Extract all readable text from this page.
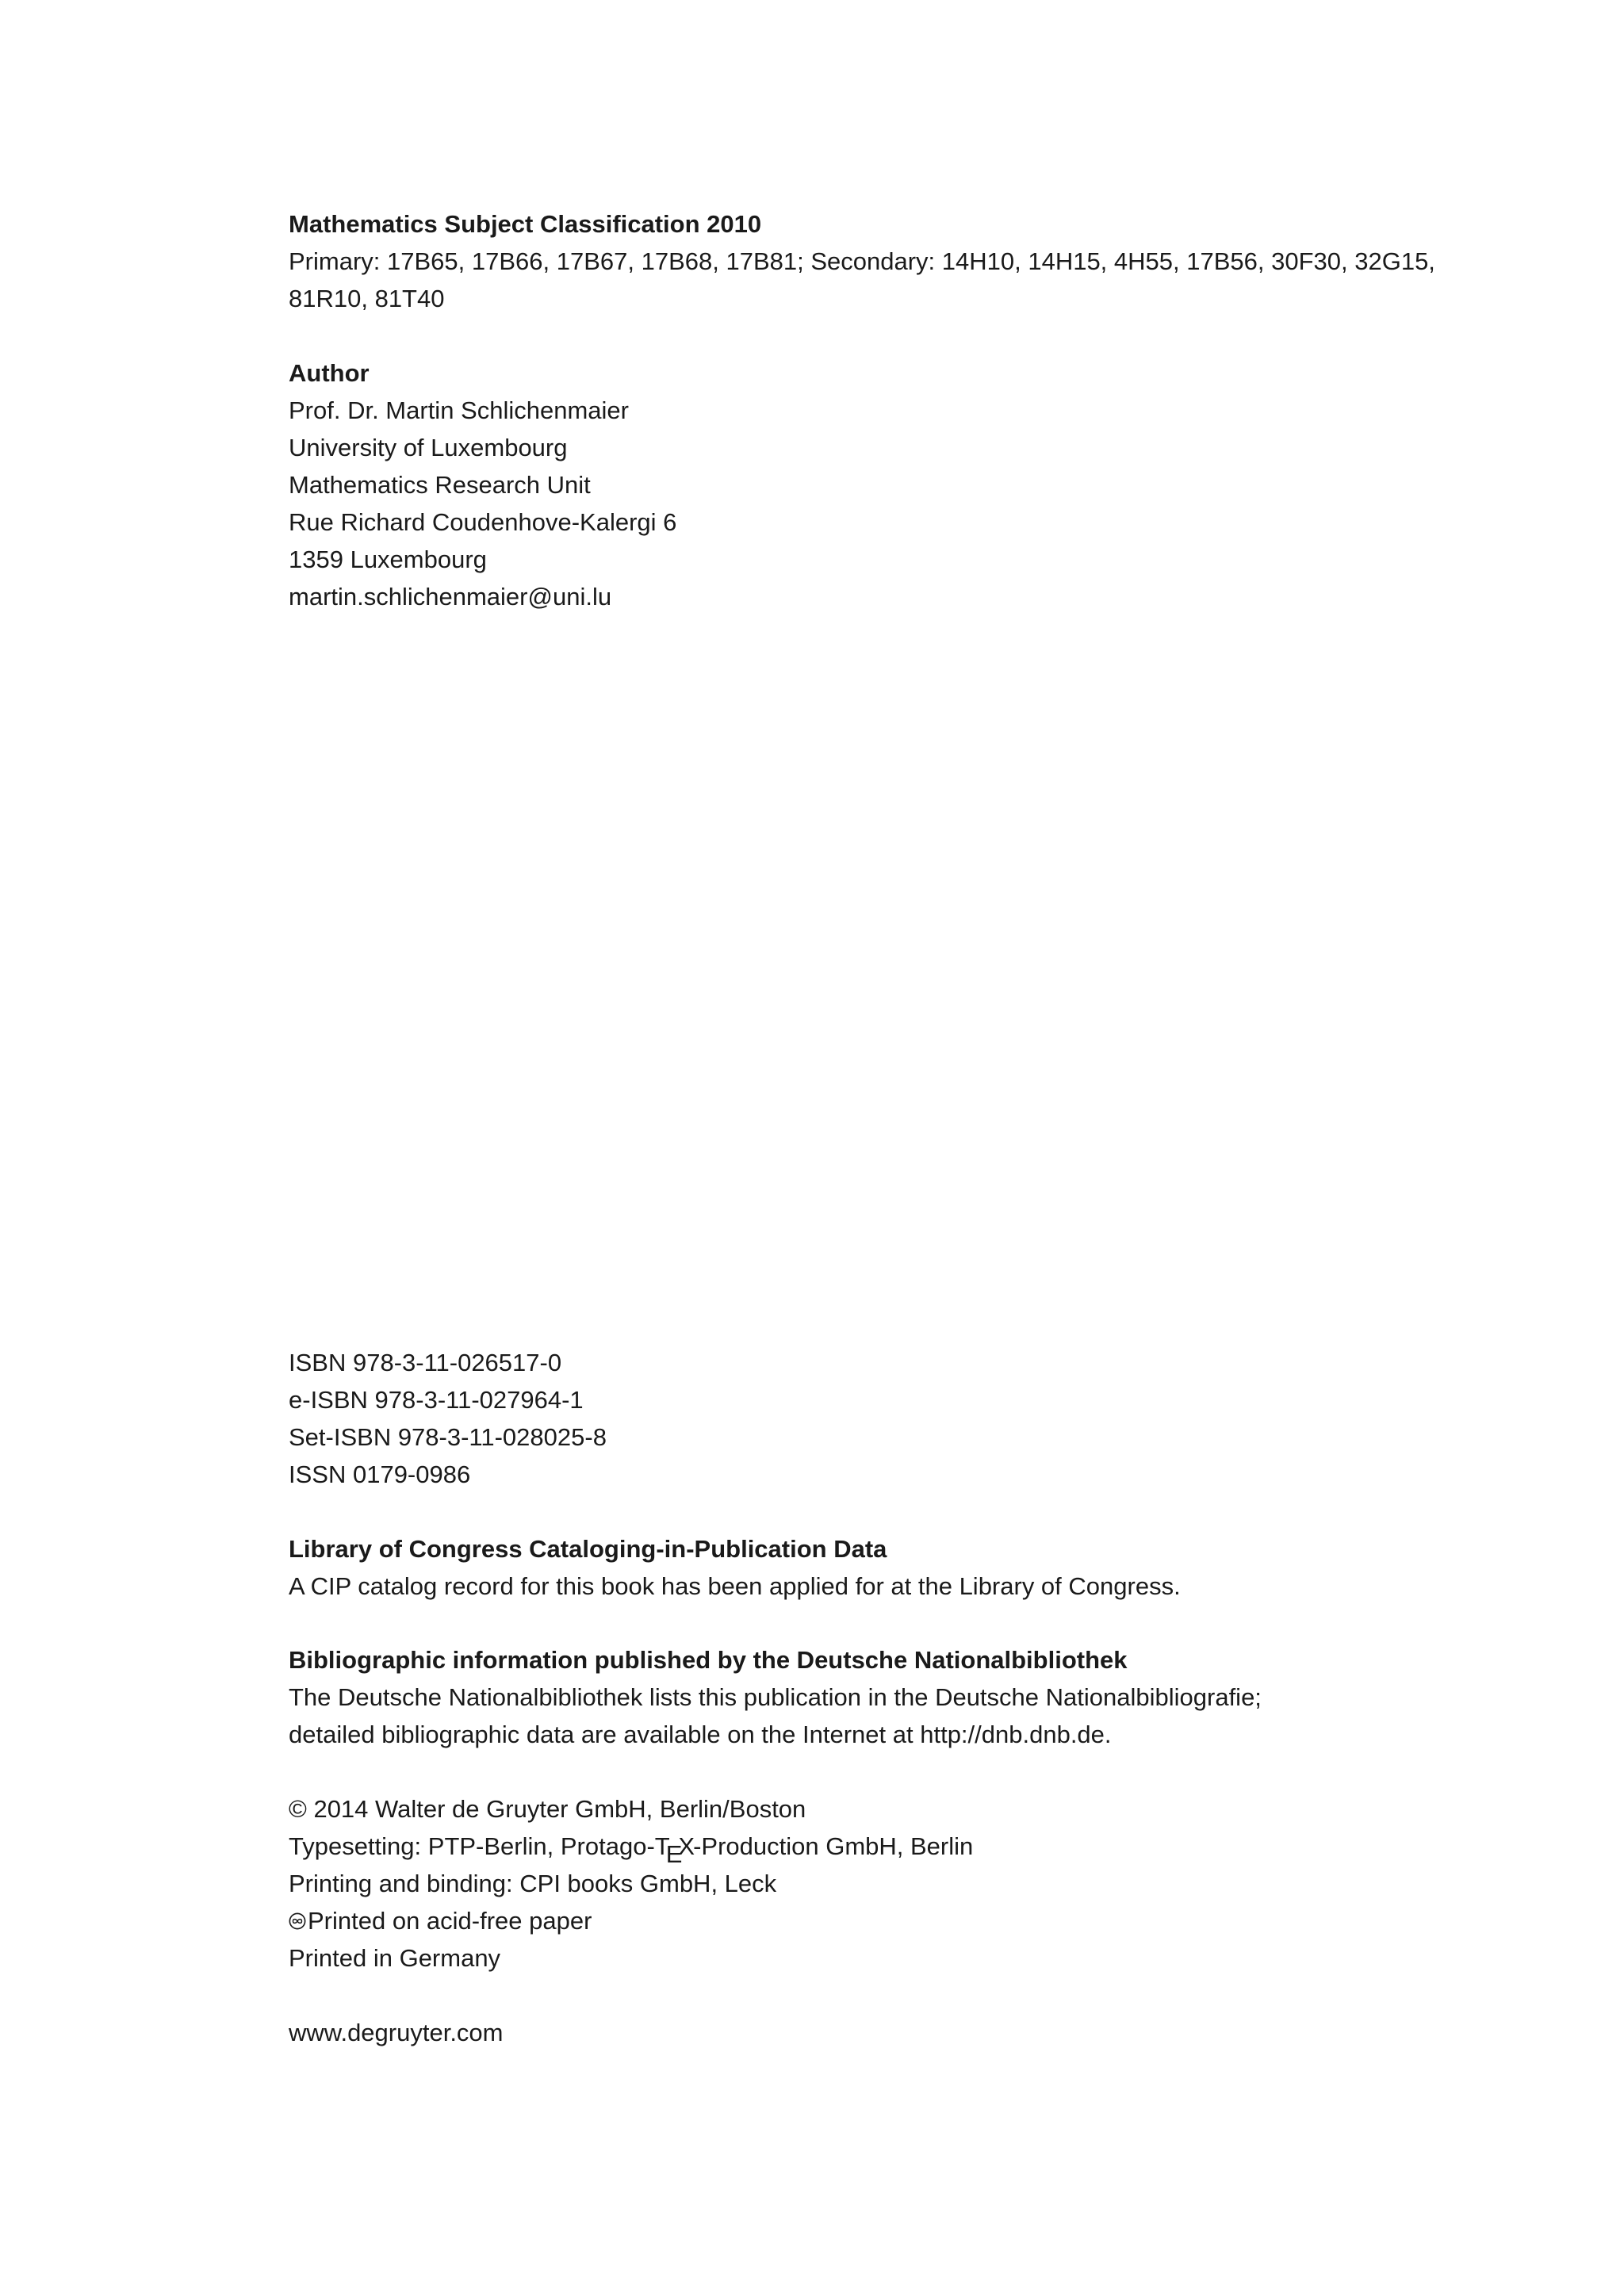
Mathematics Subject Classification 2010

Primary: 17B65, 17B66, 17B67, 17B68, 17B81; Secondary: 14H10, 14H15, 4H55, 17B56, 30F30, 32G15,

81R10, 81T40

Author

Prof. Dr. Martin Schlichenmaier

University of Luxembourg

Mathematics Research Unit

Rue Richard Coudenhove-Kalergi 6

1359 Luxembourg

martin.schlichenmaier@uni.lu

ISBN 978-3-11-026517-0

e-ISBN 978-3-11-027964-1

Set-ISBN 978-3-11-028025-8

ISSN 0179-0986

Library of Congress Cataloging-in-Publication Data

A CIP catalog record for this book has been applied for at the Library of Congress.

Bibliographic information published by the Deutsche Nationalbibliothek

The Deutsche Nationalbibliothek lists this publication in the Deutsche Nationalbibliografie;

detailed bibliographic data are available on the Internet at http://dnb.dnb.de.

© 2014 Walter de Gruyter GmbH, Berlin/Boston

Typesetting: PTP-Berlin, Protago-TEX-Production GmbH, Berlin

Printing and binding: CPI books GmbH, Leck

Printed on acid-free paper

Printed in Germany

www.degruyter.com
